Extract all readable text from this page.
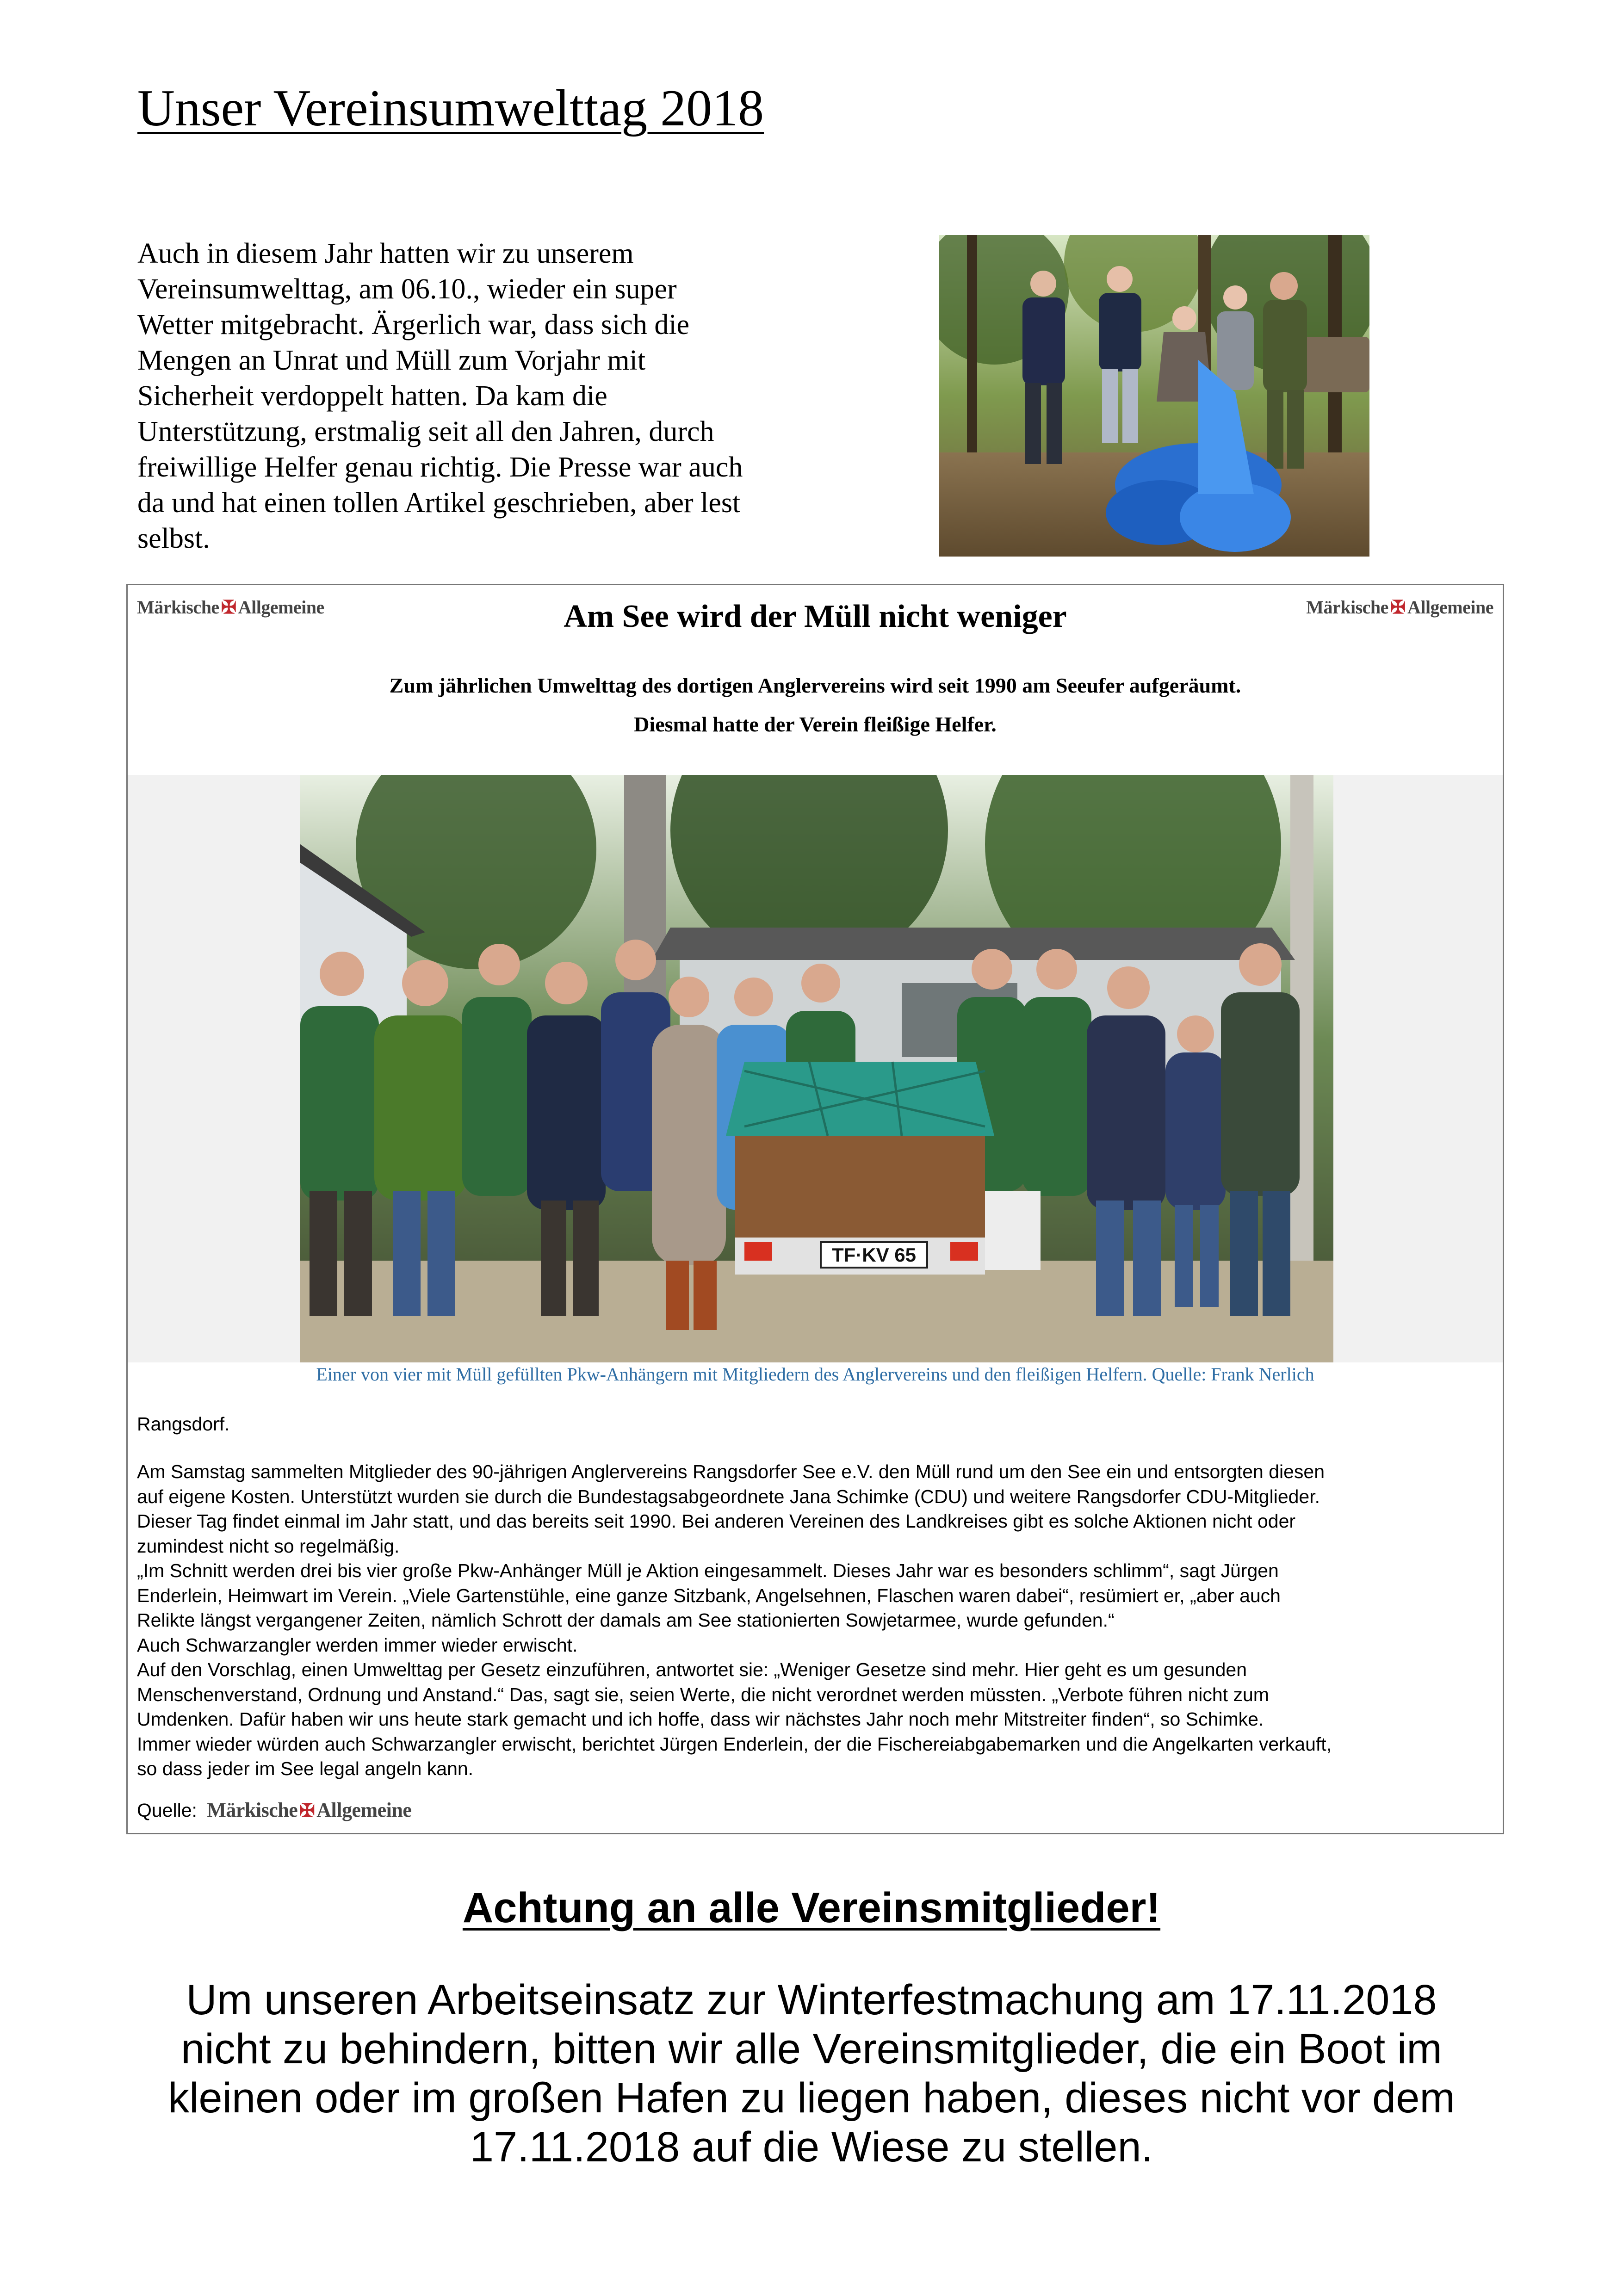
Unser Vereinsumwelttag 2018
Auch in diesem Jahr hatten wir zu unserem
Vereinsumwelttag, am 06.10., wieder ein super
Wetter mitgebracht. Ärgerlich war, dass sich die
Mengen an Unrat und Müll zum Vorjahr mit
Sicherheit verdoppelt hatten. Da kam die
Unterstützung, erstmalig seit all den Jahren, durch
freiwillige Helfer genau richtig. Die Presse war auch
da und hat einen tollen Artikel geschrieben, aber lest
selbst.
Märkische ✠ Allgemeine	Am See wird der Müll nicht weniger	Märkische ✠ Allgemeine
Zum jährlichen Umwelttag des dortigen Anglervereins wird seit 1990 am Seeufer aufgeräumt.
Diesmal hatte der Verein fleißige Helfer.
TF·KV 65
Einer von vier mit Müll gefüllten Pkw-Anhängern mit Mitgliedern des Anglervereins und den fleißigen Helfern. Quelle: Frank Nerlich
Rangsdorf.
Am Samstag sammelten Mitglieder des 90-jährigen Anglervereins Rangsdorfer See e.V. den Müll rund um den See ein und entsorgten diesen
auf eigene Kosten. Unterstützt wurden sie durch die Bundestagsabgeordnete Jana Schimke (CDU) und weitere Rangsdorfer CDU-Mitglieder.
Dieser Tag findet einmal im Jahr statt, und das bereits seit 1990. Bei anderen Vereinen des Landkreises gibt es solche Aktionen nicht oder
zumindest nicht so regelmäßig.
„Im Schnitt werden drei bis vier große Pkw-Anhänger Müll je Aktion eingesammelt. Dieses Jahr war es besonders schlimm“, sagt Jürgen
Enderlein, Heimwart im Verein. „Viele Gartenstühle, eine ganze Sitzbank, Angelsehnen, Flaschen waren dabei“, resümiert er, „aber auch
Relikte längst vergangener Zeiten, nämlich Schrott der damals am See stationierten Sowjetarmee, wurde gefunden.“
Auch Schwarzangler werden immer wieder erwischt.
Auf den Vorschlag, einen Umwelttag per Gesetz einzuführen, antwortet sie: „Weniger Gesetze sind mehr. Hier geht es um gesunden
Menschenverstand, Ordnung und Anstand.“ Das, sagt sie, seien Werte, die nicht verordnet werden müssten. „Verbote führen nicht zum
Umdenken. Dafür haben wir uns heute stark gemacht und ich hoffe, dass wir nächstes Jahr noch mehr Mitstreiter finden“, so Schimke.
Immer wieder würden auch Schwarzangler erwischt, berichtet Jürgen Enderlein, der die Fischereiabgabemarken und die Angelkarten verkauft,
so dass jeder im See legal angeln kann.
Quelle: Märkische ✠Allgemeine
Achtung an alle Vereinsmitglieder!
Um unseren Arbeitseinsatz zur Winterfestmachung am 17.11.2018
nicht zu behindern, bitten wir alle Vereinsmitglieder, die ein Boot im
kleinen oder im großen Hafen zu liegen haben, dieses nicht vor dem
17.11.2018 auf die Wiese zu stellen.
